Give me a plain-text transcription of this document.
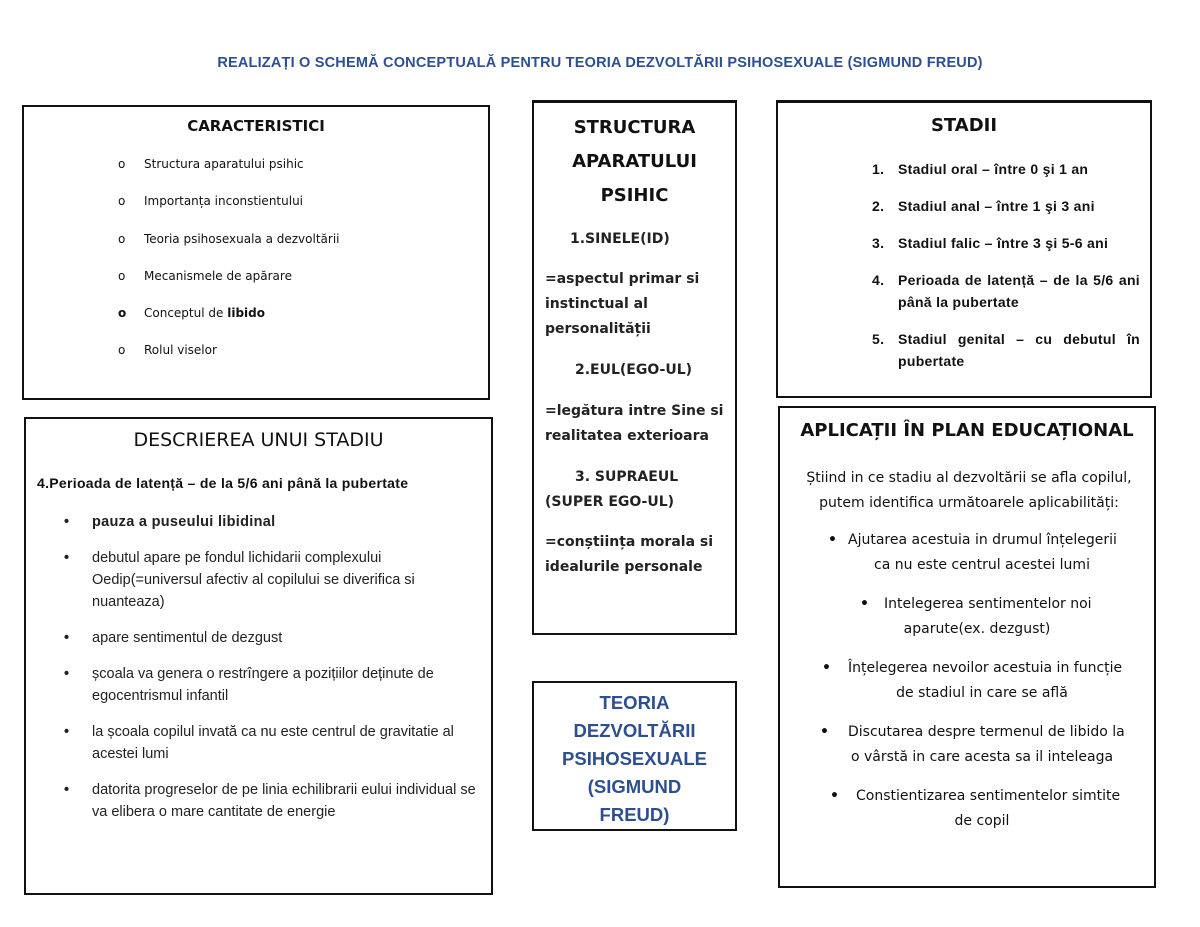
REALIZAȚI O SCHEMĂ CONCEPTUALĂ PENTRU TEORIA DEZVOLTĂRII PSIHOSEXUALE (SIGMUND FREUD)
CARACTERISTICI
o Structura aparatului psihic
o Importanța inconstientului
o Teoria psihosexuala a dezvoltării
o Mecanismele de apărare
o Conceptul de libido
o Rolul viselor
STRUCTURA
APARATULUI
PSIHIC
1.SINELE(ID)
=aspectul primar si instinctual al personalității
2.EUL(EGO-UL)
=legătura intre Sine si realitatea exterioara
3. SUPRAEUL (SUPER EGO-UL)
=conștiința morala si idealurile personale
STADII
1. Stadiul oral – între 0 şi 1 an
2. Stadiul anal – între 1 şi 3 ani
3. Stadiul falic – între 3 şi 5-6 ani
4. Perioada de latență – de la 5/6 ani până la pubertate
5. Stadiul genital – cu debutul în pubertate
DESCRIEREA UNUI STADIU
4.Perioada de latență – de la 5/6 ani până la pubertate
• pauza a puseului libidinal
• debutul apare pe fondul lichidarii complexului Oedip(=universul afectiv al copilului se diverifica si nuanteaza)
• apare sentimentul de dezgust
• școala va genera o restrîngere a pozițiilor deținute de egocentrismul infantil
• la școala copilul invată ca nu este centrul de gravitatie al acestei lumi
• datorita progreselor de pe linia echilibrarii eului individual se va elibera o mare cantitate de energie
TEORIA
DEZVOLTĂRII
PSIHOSEXUALE
(SIGMUND
FREUD)
APLICAȚII ÎN PLAN EDUCAȚIONAL
Știind in ce stadiu al dezvoltării se afla copilul, putem identifica următoarele aplicabilități:
• Ajutarea acestuia in drumul înțelegerii
ca nu este centrul acestei lumi
• Intelegerea sentimentelor noi
aparute(ex. dezgust)
• Înțelegerea nevoilor acestuia in funcție
de stadiul in care se află
• Discutarea despre termenul de libido la
o vârstă in care acesta sa il inteleaga
• Constientizarea sentimentelor simtite
de copil
